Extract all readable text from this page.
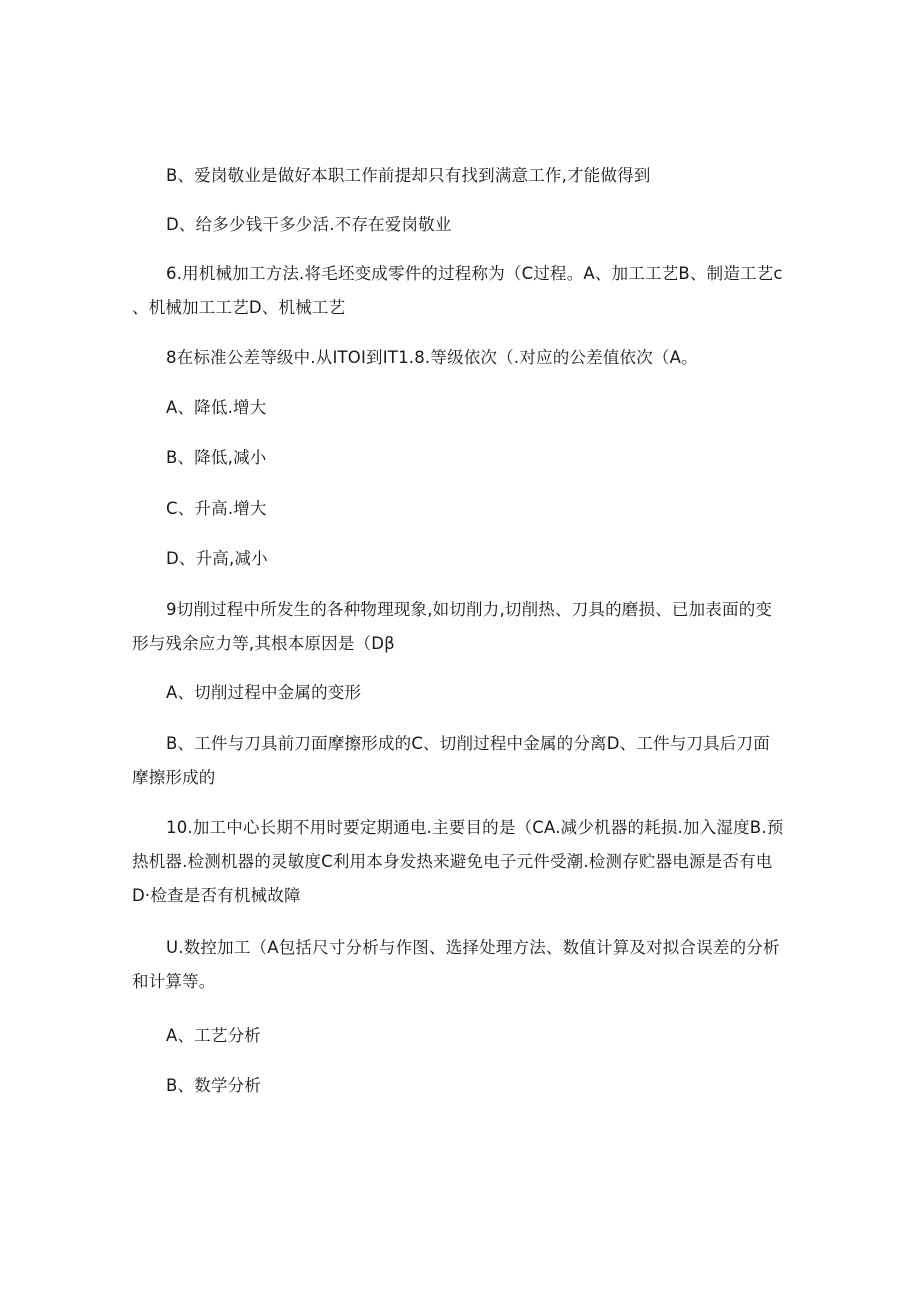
B、爱岗敬业是做好本职工作前提却只有找到满意工作,才能做得到
D、给多少钱干多少活.不存在爱岗敬业
6.用机械加工方法.将毛坯变成零件的过程称为（C过程。A、加工工艺B、制造工艺c
、机械加工工艺D、机械工艺
8在标准公差等级中.从ITOI到IT1.8.等级依次（.对应的公差值依次（A。
A、降低.增大
B、降低,减小
C、升高.增大
D、升高,减小
9切削过程中所发生的各种物理现象,如切削力,切削热、刀具的磨损、已加表面的变
形与残余应力等,其根本原因是（Dβ
A、切削过程中金属的变形
B、工件与刀具前刀面摩擦形成的C、切削过程中金属的分离D、工件与刀具后刀面
摩擦形成的
10.加工中心长期不用时要定期通电.主要目的是（CA.减少机器的耗损.加入湿度B.预
热机器.检测机器的灵敏度C利用本身发热来避免电子元件受潮.检测存贮器电源是否有电
D·检查是否有机械故障
U.数控加工（A包括尺寸分析与作图、选择处理方法、数值计算及对拟合误差的分析
和计算等。
A、工艺分析
B、数学分析
